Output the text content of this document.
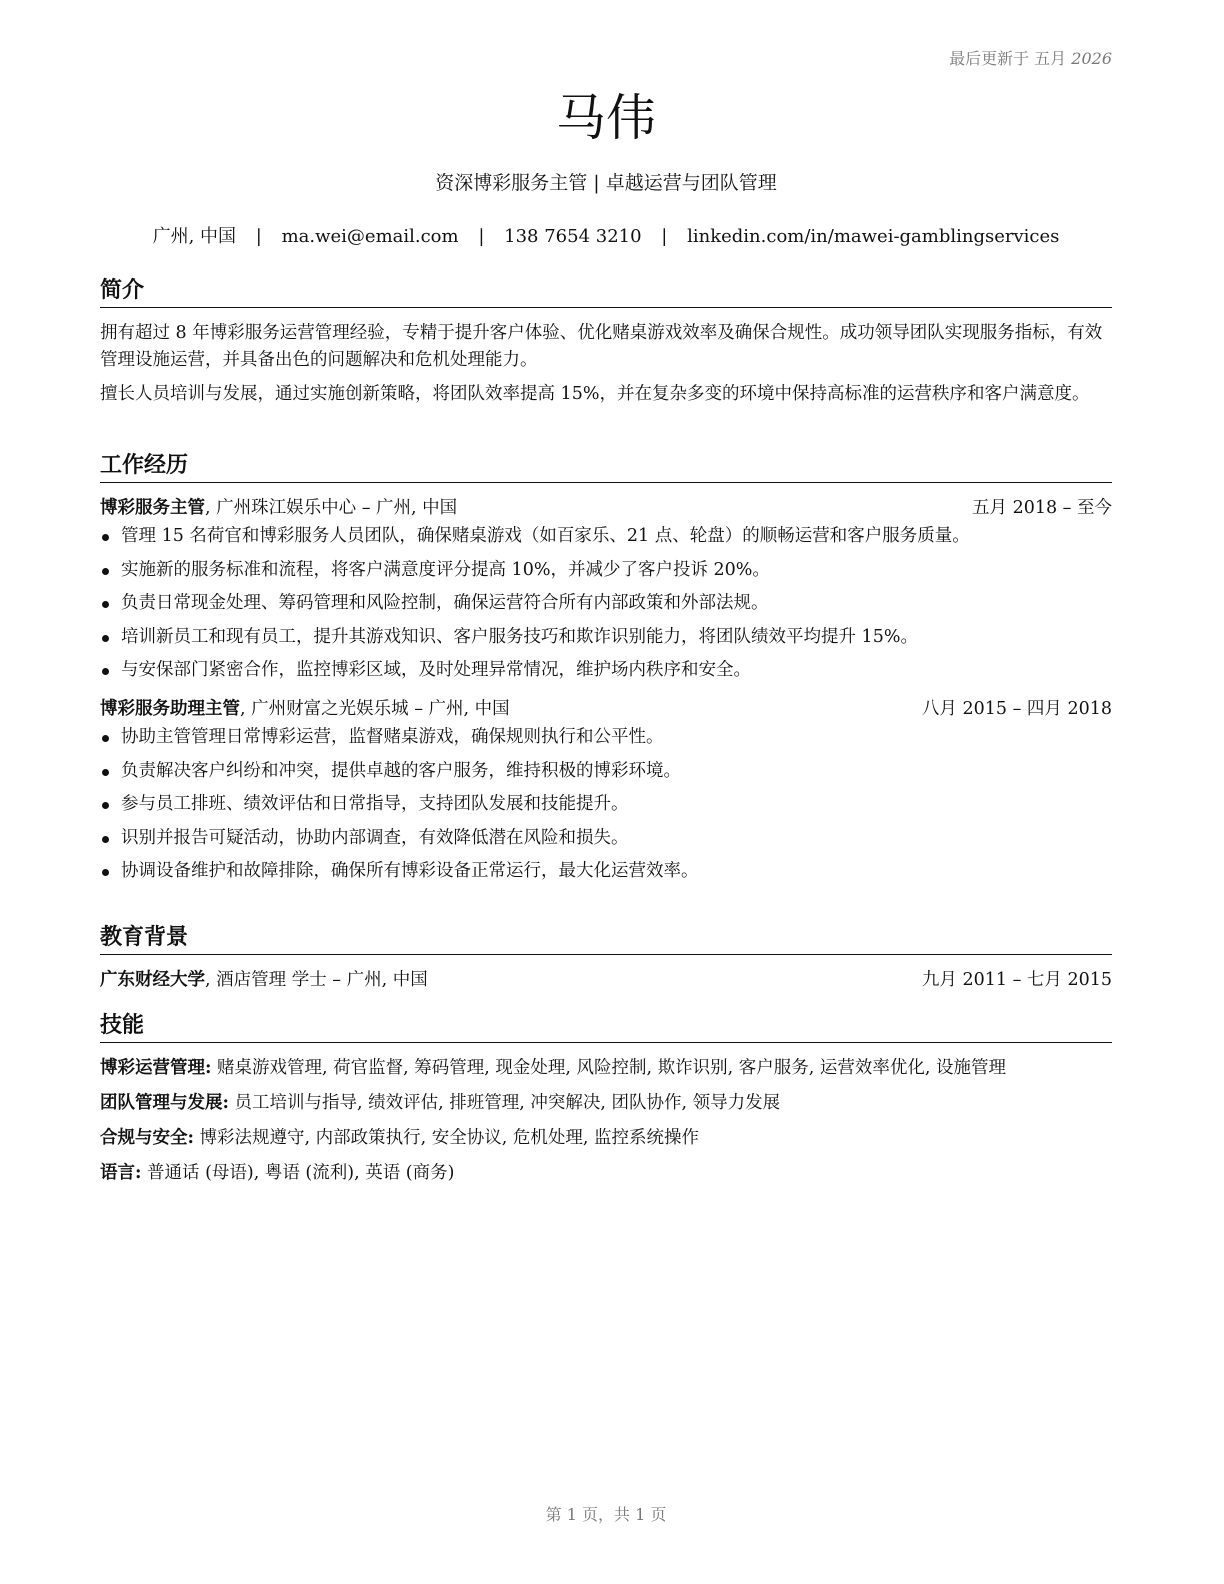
最后更新于 五月 2026
马伟
资深博彩服务主管 | 卓越运营与团队管理
广州, 中国 | ma.wei@email.com | 138 7654 3210 | linkedin.com/in/mawei-gamblingservices
简介

拥有超过 8 年博彩服务运营管理经验，专精于提升客户体验、优化赌桌游戏效率及确保合规性。成功领导团队实现服务指标，有效管理设施运营，并具备出色的问题解决和危机处理能力。

擅长人员培训与发展，通过实施创新策略，将团队效率提高 15%，并在复杂多变的环境中保持高标准的运营秩序和客户满意度。

工作经历
博彩服务主管, 广州珠江娱乐中心 – 广州, 中国	五月 2018 – 至今
管理 15 名荷官和博彩服务人员团队，确保赌桌游戏（如百家乐、21 点、轮盘）的顺畅运营和客户服务质量。
实施新的服务标准和流程，将客户满意度评分提高 10%，并减少了客户投诉 20%。
负责日常现金处理、筹码管理和风险控制，确保运营符合所有内部政策和外部法规。
培训新员工和现有员工，提升其游戏知识、客户服务技巧和欺诈识别能力，将团队绩效平均提升 15%。
与安保部门紧密合作，监控博彩区域，及时处理异常情况，维护场内秩序和安全。
博彩服务助理主管, 广州财富之光娱乐城 – 广州, 中国	八月 2015 – 四月 2018
协助主管管理日常博彩运营，监督赌桌游戏，确保规则执行和公平性。
负责解决客户纠纷和冲突，提供卓越的客户服务，维持积极的博彩环境。
参与员工排班、绩效评估和日常指导，支持团队发展和技能提升。
识别并报告可疑活动，协助内部调查，有效降低潜在风险和损失。
协调设备维护和故障排除，确保所有博彩设备正常运行，最大化运营效率。
教育背景
广东财经大学, 酒店管理 学士 – 广州, 中国	九月 2011 – 七月 2015
技能
博彩运营管理: 赌桌游戏管理, 荷官监督, 筹码管理, 现金处理, 风险控制, 欺诈识别, 客户服务, 运营效率优化, 设施管理
团队管理与发展: 员工培训与指导, 绩效评估, 排班管理, 冲突解决, 团队协作, 领导力发展
合规与安全: 博彩法规遵守, 内部政策执行, 安全协议, 危机处理, 监控系统操作
语言: 普通话 (母语), 粤语 (流利), 英语 (商务)
第 1 页，共 1 页
